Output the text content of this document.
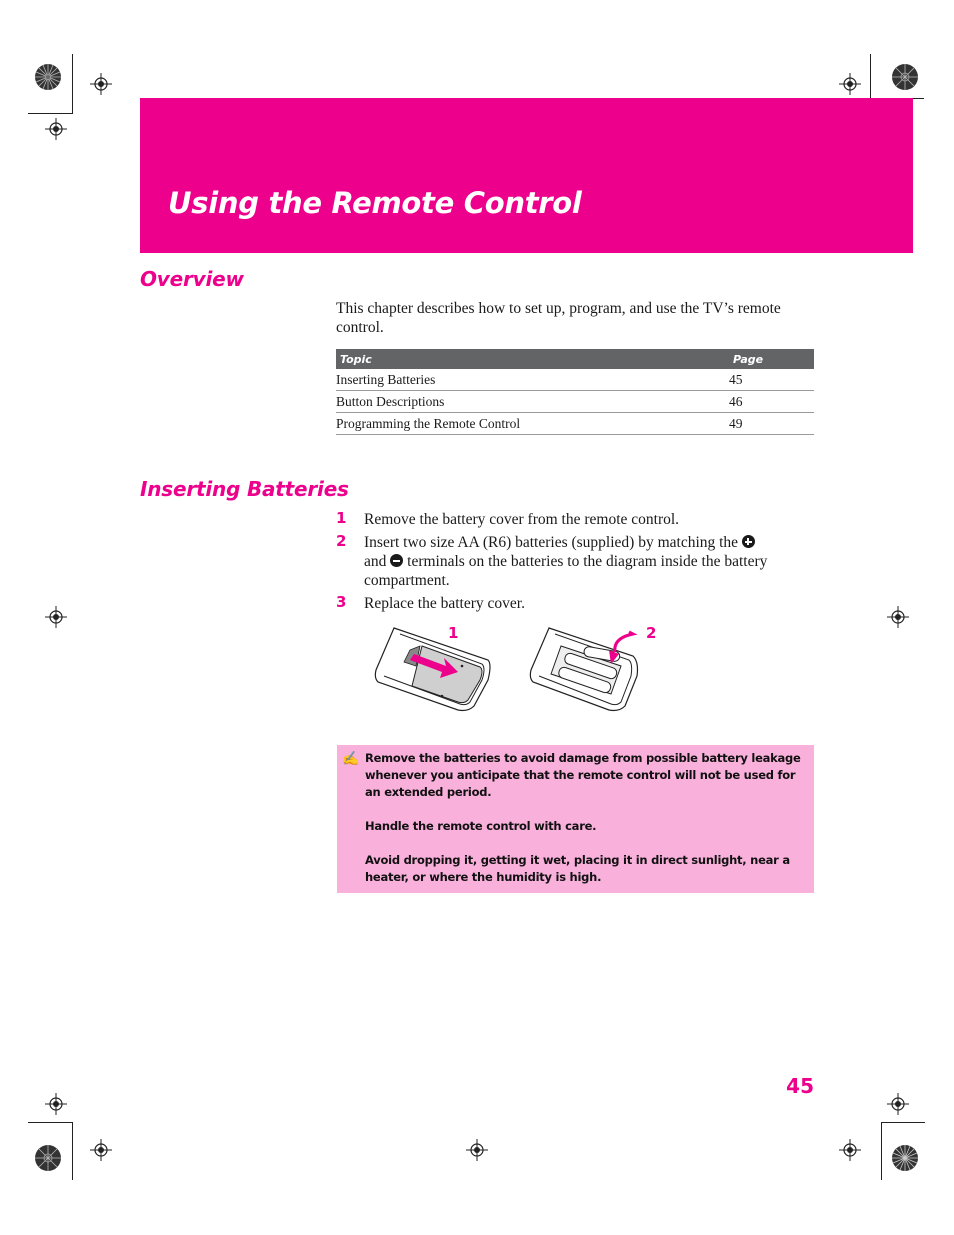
Using the Remote Control
Overview

This chapter describes how to set up, program, and use the TV’s remote control.

Topic	Page
Inserting Batteries	45
Button Descriptions	46
Programming the Remote Control	49
Inserting Batteries
1 Remove the battery cover from the remote control.

2 Insert two size AA (R6) batteries (supplied) by matching the
and terminals on the batteries to the diagram inside the battery compartment.

3 Replace the battery cover.

1	2
✍ Remove the batteries to avoid damage from possible battery leakage whenever you anticipate that the remote control will not be used for an extended period.

Handle the remote control with care.

Avoid dropping it, getting it wet, placing it in direct sunlight, near a heater, or where the humidity is high.

45
